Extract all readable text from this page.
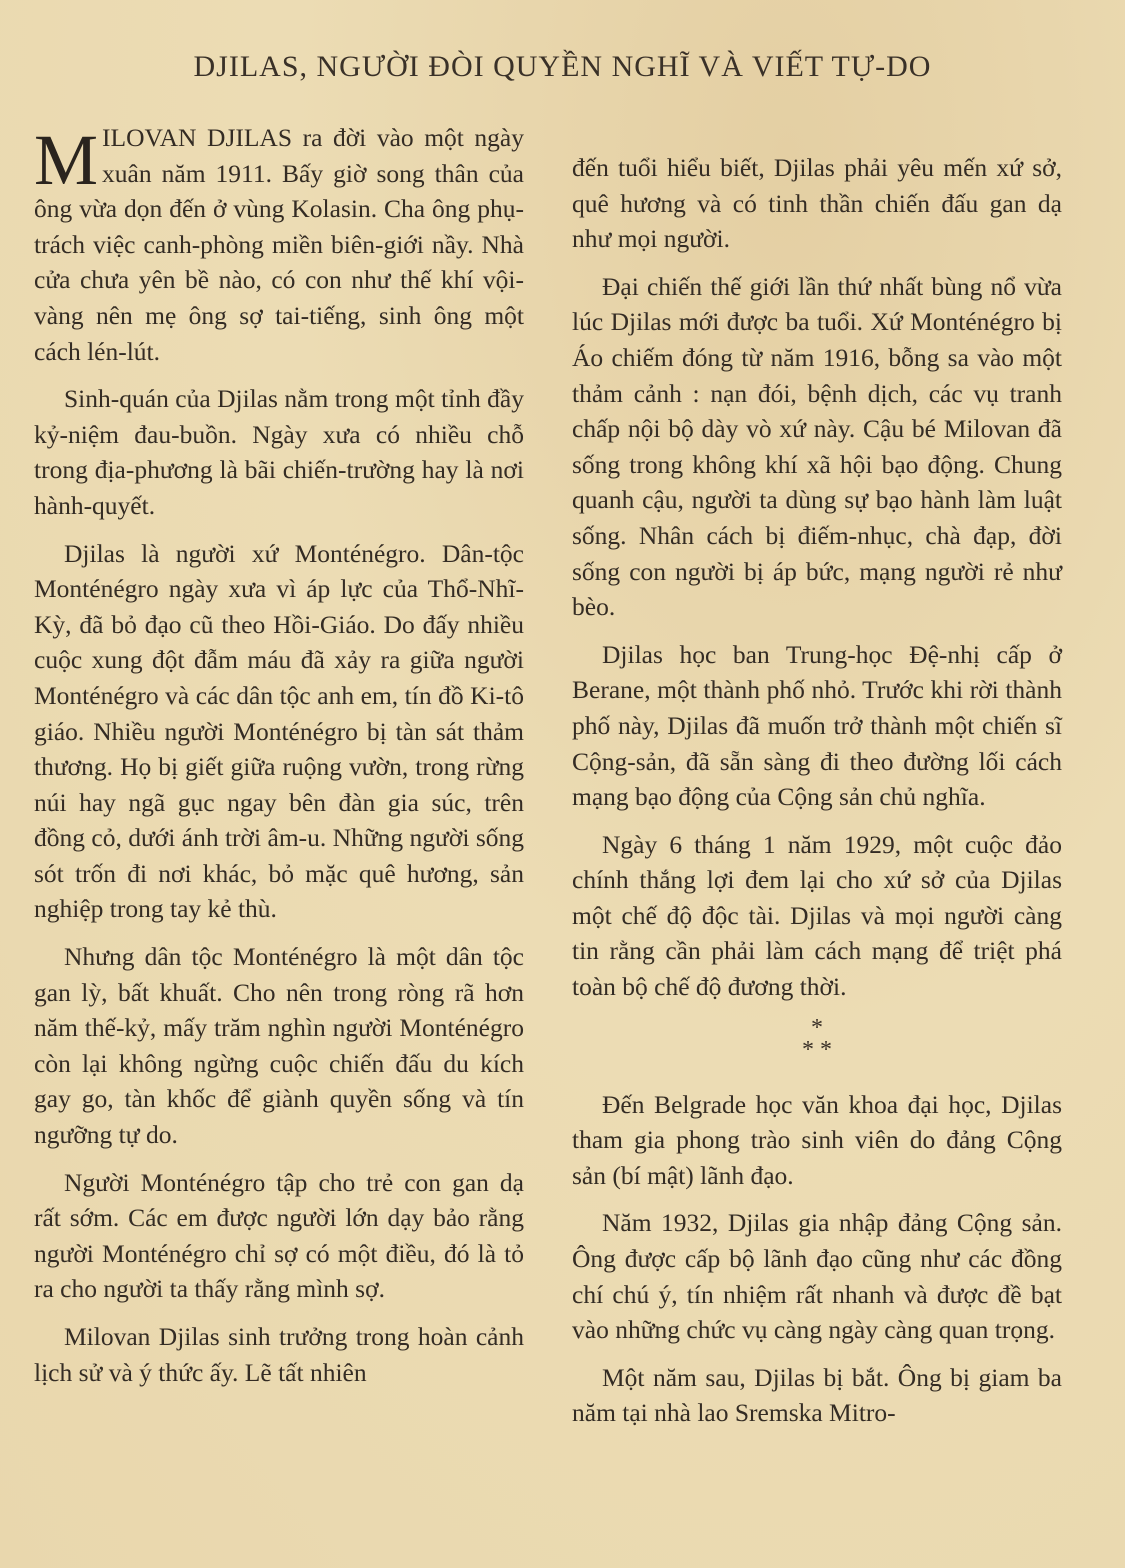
DJILAS, NGƯỜI ĐÒI QUYỀN NGHĨ VÀ VIẾT TỰ-DO

MILOVAN DJILAS ra đời vào một ngày xuân năm 1911. Bấy giờ song thân của ông vừa dọn đến ở vùng Kolasin. Cha ông phụ-trách việc canh-phòng miền biên-giới nầy. Nhà cửa chưa yên bề nào, có con như thế khí vội-vàng nên mẹ ông sợ tai-tiếng, sinh ông một cách lén-lút.

Sinh-quán của Djilas nằm trong một tỉnh đầy kỷ-niệm đau-buồn. Ngày xưa có nhiều chỗ trong địa-phương là bãi chiến-trường hay là nơi hành-quyết.

Djilas là người xứ Monténégro. Dân-tộc Monténégro ngày xưa vì áp lực của Thổ-Nhĩ-Kỳ, đã bỏ đạo cũ theo Hồi-Giáo. Do đấy nhiều cuộc xung đột đẫm máu đã xảy ra giữa người Monténégro và các dân tộc anh em, tín đồ Ki-tô giáo. Nhiều người Monténégro bị tàn sát thảm thương. Họ bị giết giữa ruộng vườn, trong rừng núi hay ngã gục ngay bên đàn gia súc, trên đồng cỏ, dưới ánh trời âm-u. Những người sống sót trốn đi nơi khác, bỏ mặc quê hương, sản nghiệp trong tay kẻ thù.

Nhưng dân tộc Monténégro là một dân tộc gan lỳ, bất khuất. Cho nên trong ròng rã hơn năm thế-kỷ, mấy trăm nghìn người Monténégro còn lại không ngừng cuộc chiến đấu du kích gay go, tàn khốc để giành quyền sống và tín ngưỡng tự do.

Người Monténégro tập cho trẻ con gan dạ rất sớm. Các em được người lớn dạy bảo rằng người Monténégro chỉ sợ có một điều, đó là tỏ ra cho người ta thấy rằng mình sợ.

Milovan Djilas sinh trưởng trong hoàn cảnh lịch sử và ý thức ấy. Lẽ tất nhiên

đến tuổi hiểu biết, Djilas phải yêu mến xứ sở, quê hương và có tinh thần chiến đấu gan dạ như mọi người.

Đại chiến thế giới lần thứ nhất bùng nổ vừa lúc Djilas mới được ba tuổi. Xứ Monténégro bị Áo chiếm đóng từ năm 1916, bỗng sa vào một thảm cảnh : nạn đói, bệnh dịch, các vụ tranh chấp nội bộ dày vò xứ này. Cậu bé Milovan đã sống trong không khí xã hội bạo động. Chung quanh cậu, người ta dùng sự bạo hành làm luật sống. Nhân cách bị điếm-nhục, chà đạp, đời sống con người bị áp bức, mạng người rẻ như bèo.

Djilas học ban Trung-học Đệ-nhị cấp ở Berane, một thành phố nhỏ. Trước khi rời thành phố này, Djilas đã muốn trở thành một chiến sĩ Cộng-sản, đã sẵn sàng đi theo đường lối cách mạng bạo động của Cộng sản chủ nghĩa.

Ngày 6 tháng 1 năm 1929, một cuộc đảo chính thắng lợi đem lại cho xứ sở của Djilas một chế độ độc tài. Djilas và mọi người càng tin rằng cần phải làm cách mạng để triệt phá toàn bộ chế độ đương thời.

*
* *

Đến Belgrade học văn khoa đại học, Djilas tham gia phong trào sinh viên do đảng Cộng sản (bí mật) lãnh đạo.

Năm 1932, Djilas gia nhập đảng Cộng sản. Ông được cấp bộ lãnh đạo cũng như các đồng chí chú ý, tín nhiệm rất nhanh và được đề bạt vào những chức vụ càng ngày càng quan trọng.

Một năm sau, Djilas bị bắt. Ông bị giam ba năm tại nhà lao Sremska Mitro-
